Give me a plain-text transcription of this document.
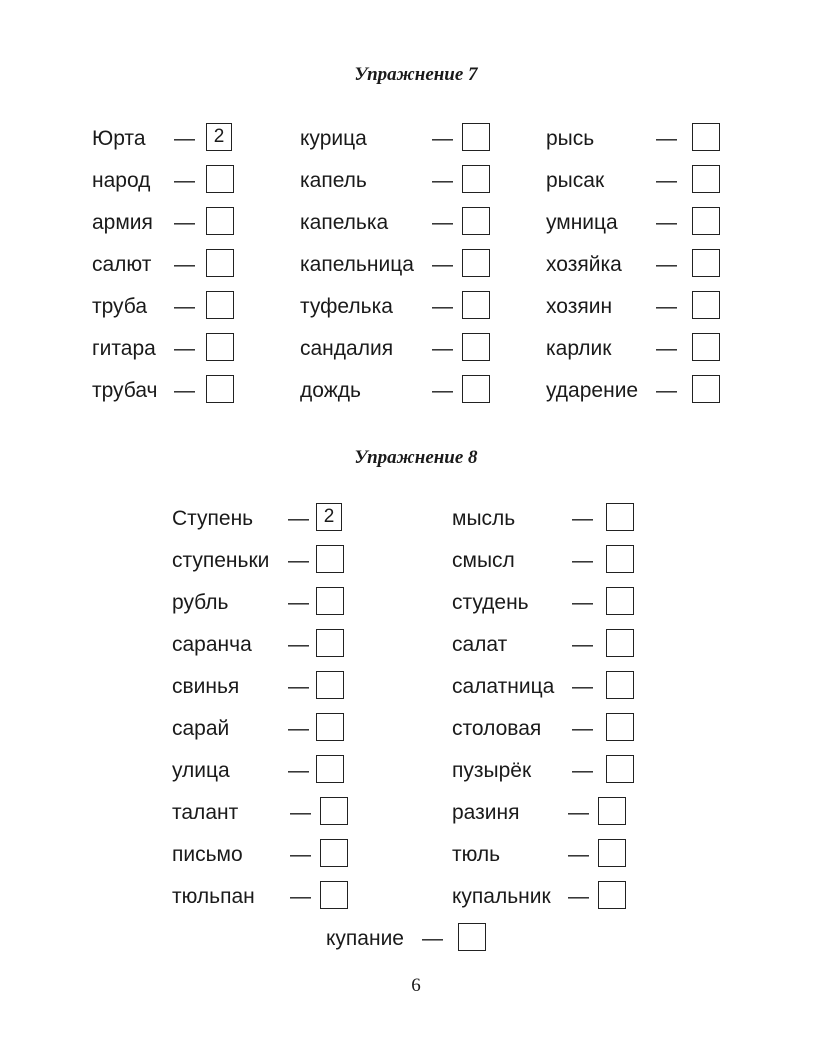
Упражнение 7
Юрта — 2
народ —
армия —
салют —
труба —
гитара —
трубач —
курица	—
капель	—
капелька —
капельница —
туфелька —
сандалия —
дождь	—
рысь	—
рысак —
умница —
хозяйка —
хозяин —
карлик —
ударение —
Упражнение 8
Ступень — 2
ступеньки —
рубль	—
саранча —
свинья —
сарай	—
улица	—
талант —
письмо —
тюльпан —
мысль	—
смысл	—
студень —
салат	—
салатница —
столовая —
пузырёк —
разиня —
тюль	—
купальник —
купание —
6
